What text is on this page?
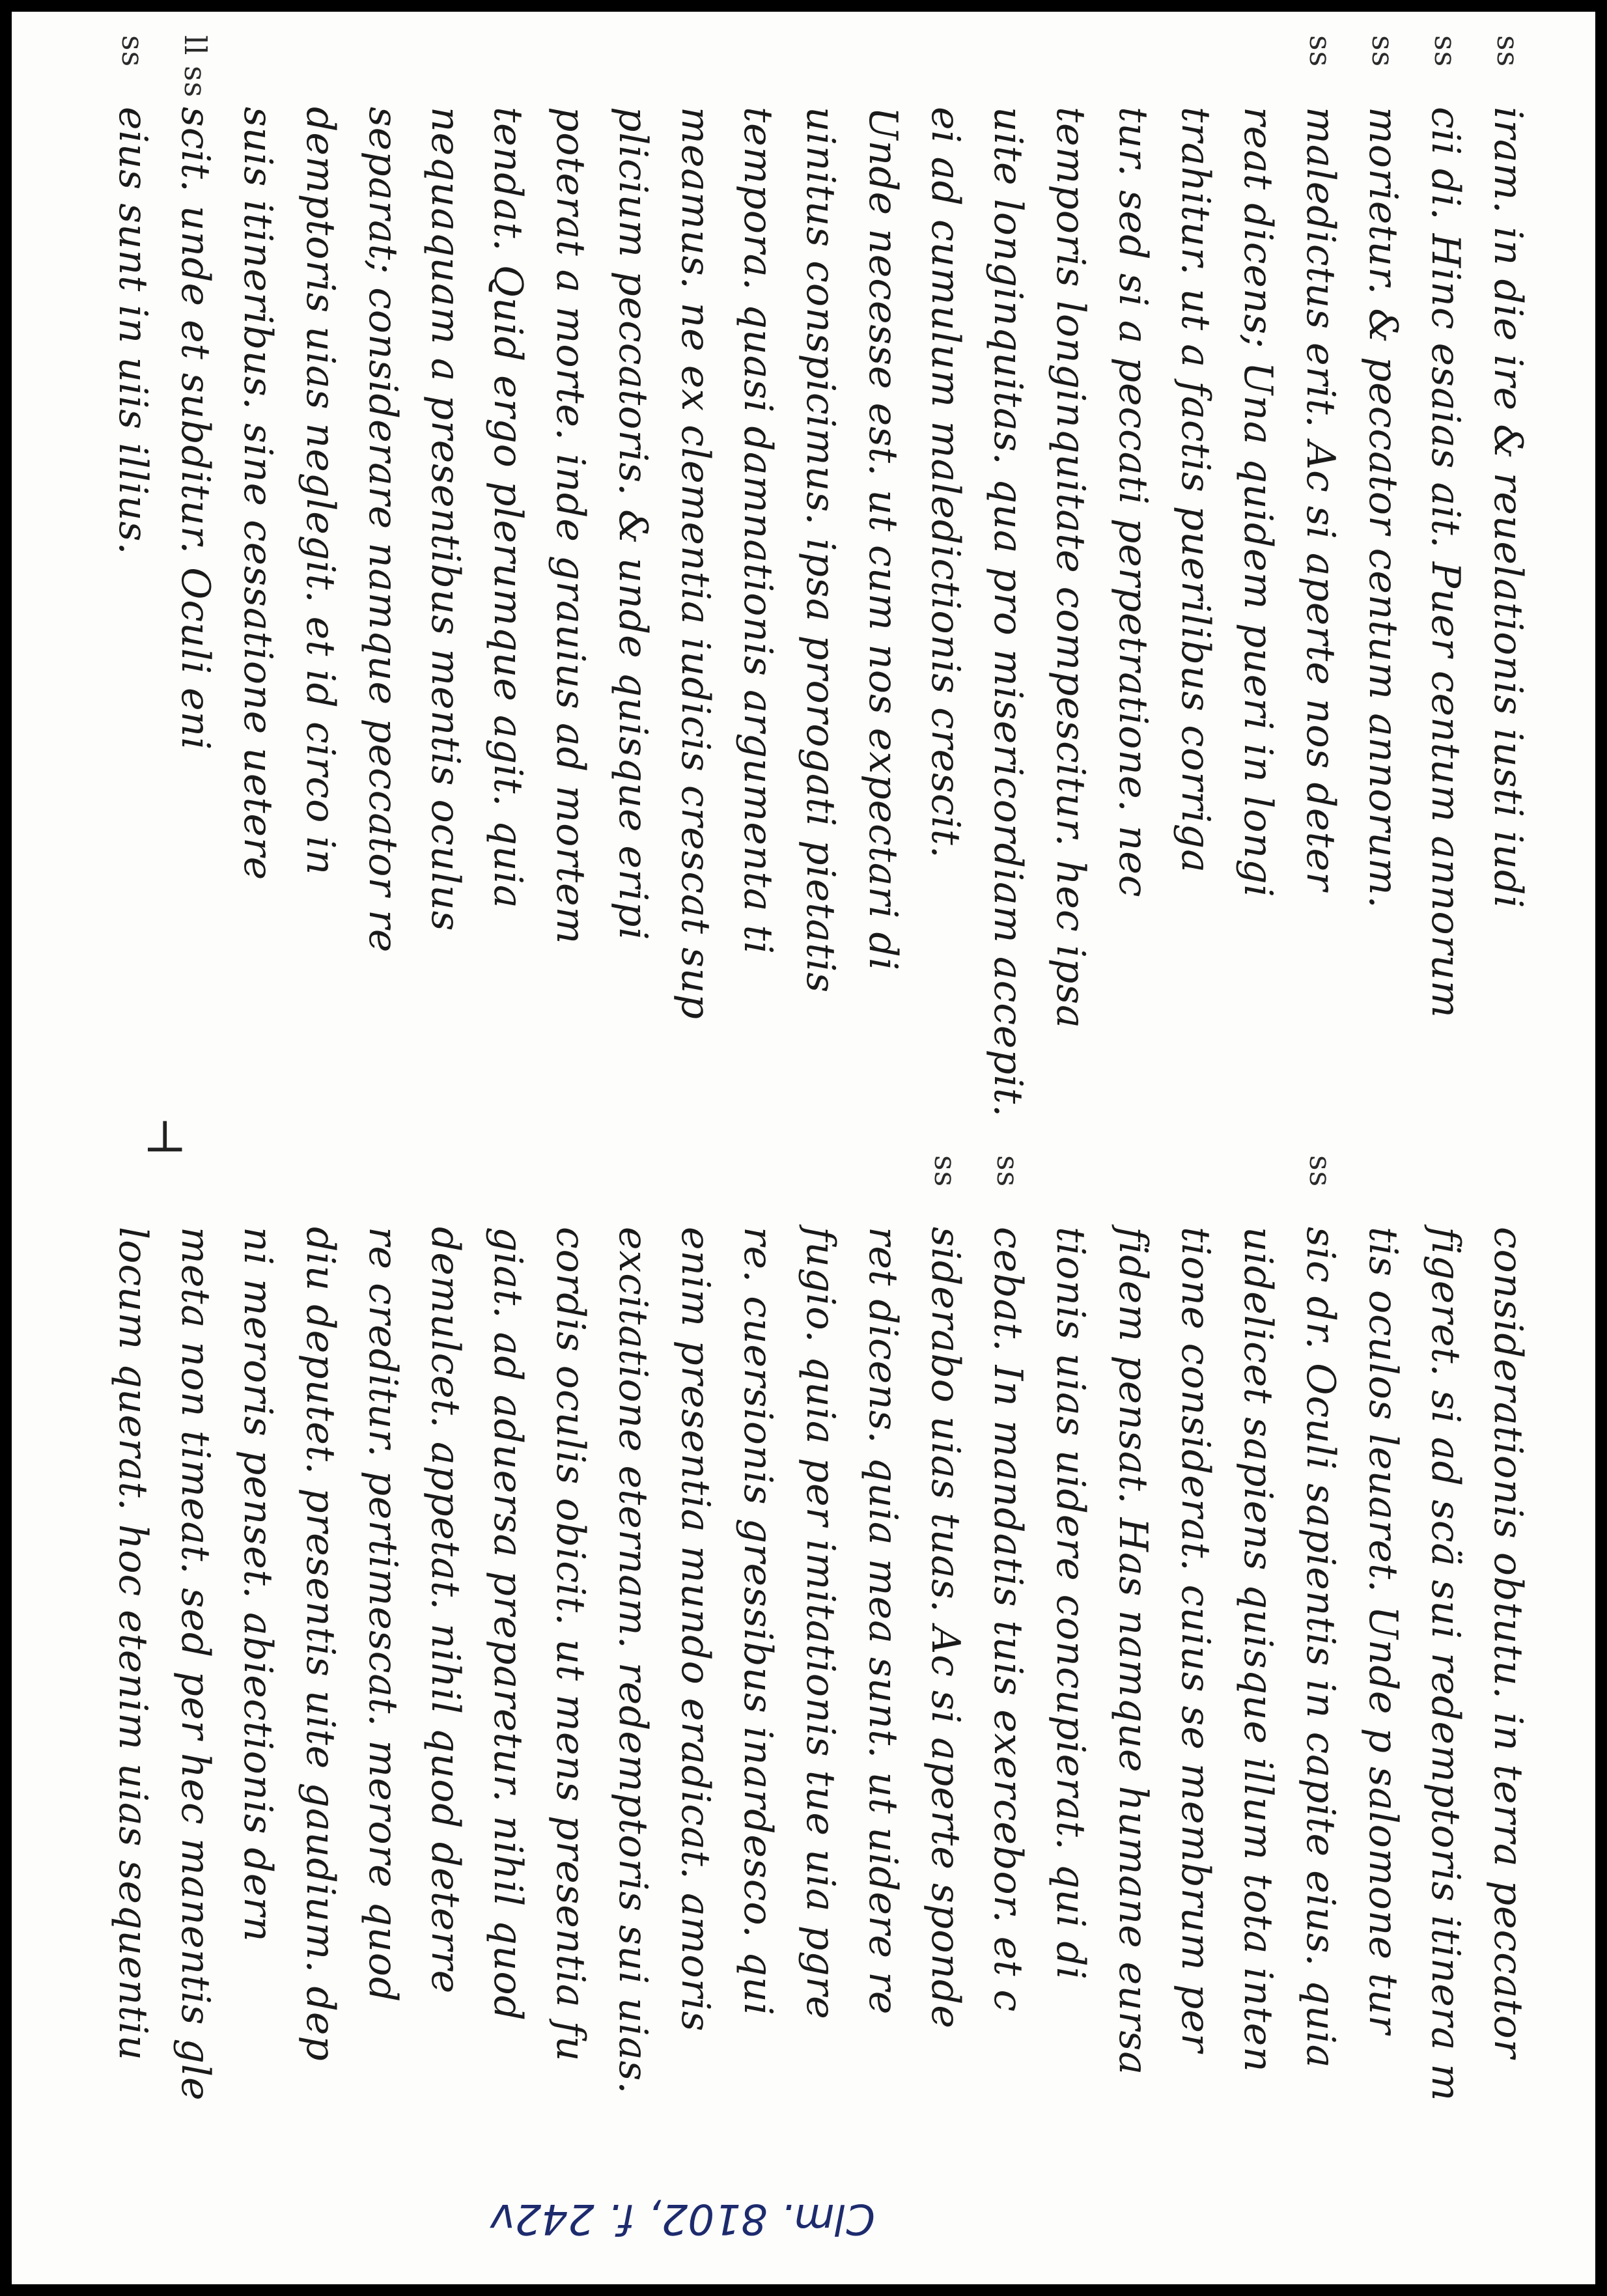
ss
iram. in die ire & reuelationis iusti iudi
ss
cii di. Hinc esaias ait. Puer centum annorum
ss
morietur. & peccator centum annorum.
ss
maledictus erit. Ac si aperte nos deter
reat dicens; Una quidem pueri in longi
trahitur. ut a factis puerilibus corriga
tur. sed si a peccati perpetratione. nec
temporis longinquitate compescitur. hec ipsa
uite longinquitas. qua pro misericordiam accepit.
ei ad cumulum maledictionis crescit.
Unde necesse est. ut cum nos expectari di
uinitus conspicimus. ipsa prorogati pietatis
tempora. quasi damnationis argumenta ti
meamus. ne ex clementia iudicis crescat sup
plicium peccatoris. & unde quisque eripi
poterat a morte. inde grauius ad mortem
tendat. Quid ergo plerumque agit. quia
nequaquam a presentibus mentis oculus
separat; considerare namque peccator re
demptoris uias neglegit. et id circo in
suis itineribus. sine cessatione uetere
ll ss
scit. unde et subditur. Oculi eni
ss
eius sunt in uiis illius.
considerationis obtutu. in terra peccator
figeret. si ad scä sui redemptoris itinera m
tis oculos leuaret. Unde p salomone tur
ss
sic dr. Oculi sapientis in capite eius. quia
uidelicet sapiens quisque illum tota inten
tione considerat. cuius se membrum per
fidem pensat. Has namque humane eursa
tionis uias uidere concupierat. qui di
ss
cebat. In mandatis tuis exercebor. et c
ss
siderabo uias tuas. Ac si aperte sponde
ret dicens. quia mea sunt. ut uidere re
fugio. quia per imitationis tue uia pgre
re. cuersionis gressibus inardesco. qui
enim presentia mundo eradicat. amoris
excitatione eternam. redemptoris sui uias.
cordis oculis obicit. ut mens presentia fu
giat. ad aduersa preparetur. nihil quod
demulcet. appetat. nihil quod deterre
re creditur. pertimescat. merore quod
diu deputet. presentis uite gaudium. dep
ni meroris penset. abiectionis dern
meta non timeat. sed per hec manentis gle
locum querat. hoc etenim uias sequentiu
⊣
Clm. 8102, f. 242v
